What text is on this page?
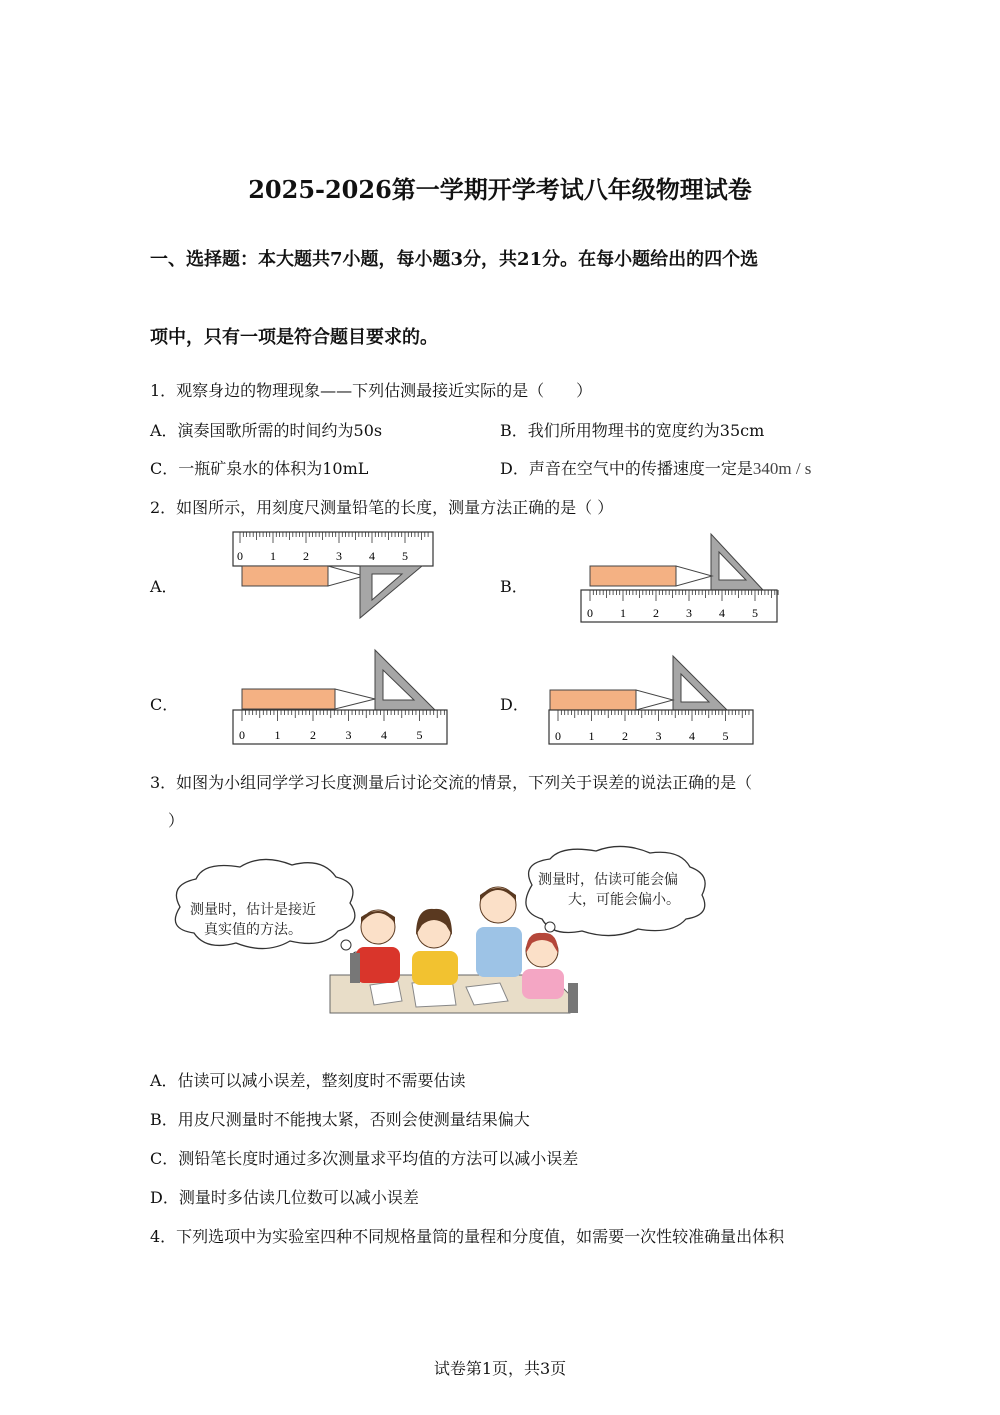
2025-2026第一学期开学考试八年级物理试卷
一、选择题：本大题共7小题，每小题3分，共21分。在每小题给出的四个选
项中，只有一项是符合题目要求的。
1．观察身边的物理现象——下列估测最接近实际的是（　　）
A．演奏国歌所需的时间约为50s	B．我们所用物理书的宽度约为35cm
C．一瓶矿泉水的体积为10mL	D．声音在空气中的传播速度一定是340m / s
2．如图所示，用刻度尺测量铅笔的长度，测量方法正确的是（ ）
A．	B．
C．	D．
0 1 2 3 4 5
0 1 2 3 4 5
0 1 2 3 4 5	0 1 2 3 4 5
3．如图为小组同学学习长度测量后讨论交流的情景，下列关于误差的说法正确的是（
）
测量时，估计是接近
真实值的方法。
测量时，估读可能会偏
大，可能会偏小。
A．估读可以减小误差，整刻度时不需要估读
B．用皮尺测量时不能拽太紧，否则会使测量结果偏大
C．测铅笔长度时通过多次测量求平均值的方法可以减小误差
D．测量时多估读几位数可以减小误差
4．下列选项中为实验室四种不同规格量筒的量程和分度值，如需要一次性较准确量出体积
试卷第1页，共3页
